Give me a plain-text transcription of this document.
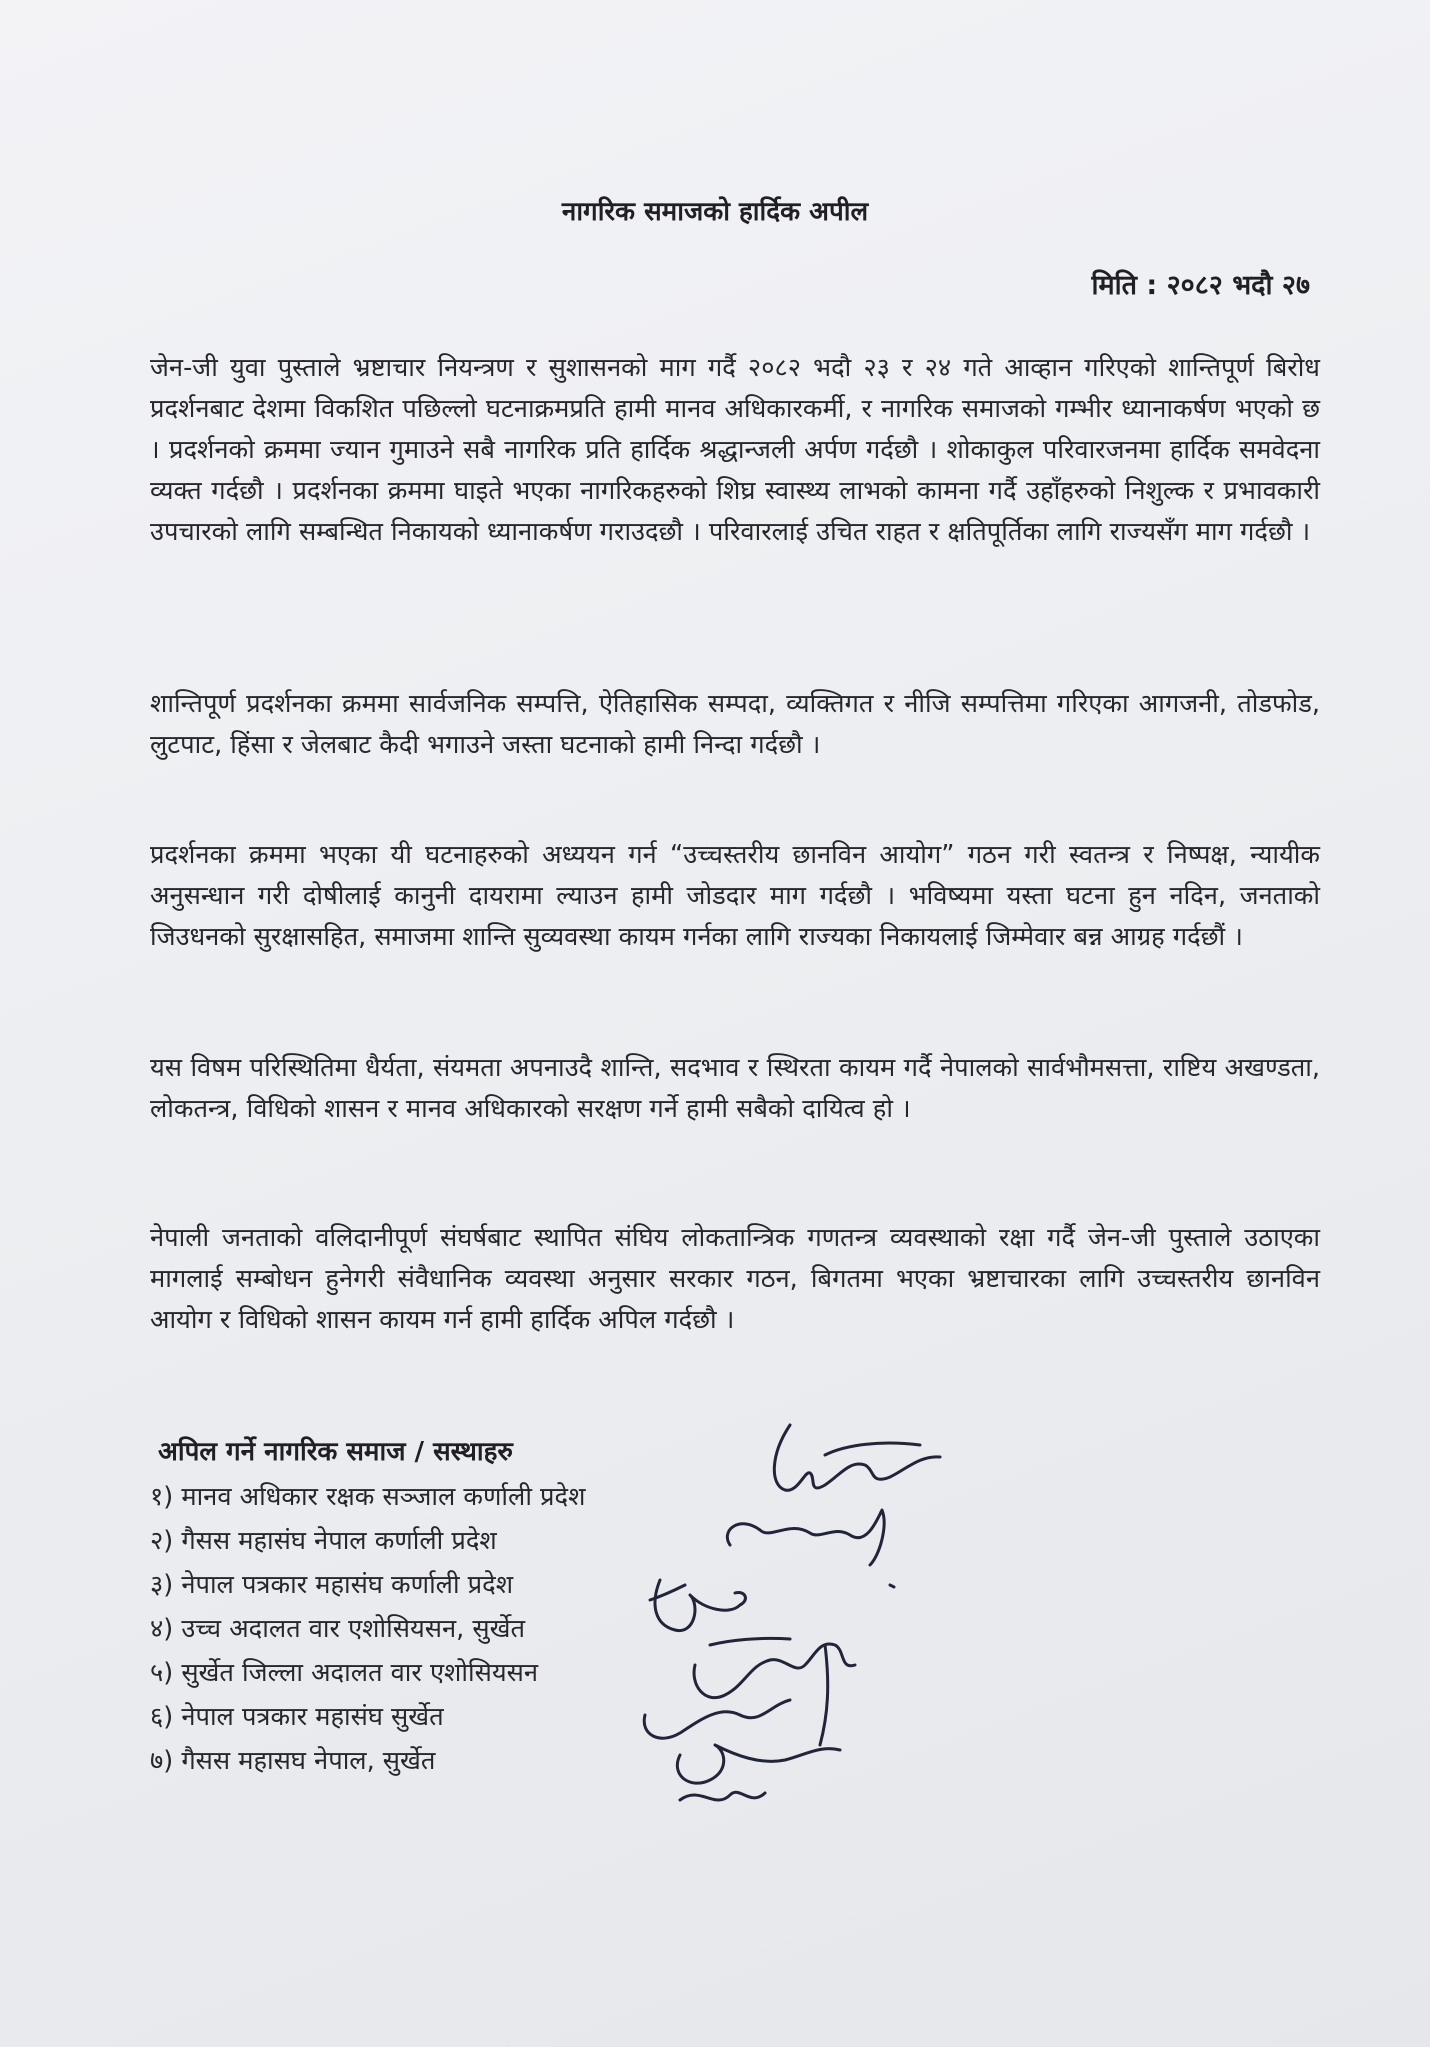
नागरिक समाजको हार्दिक अपील
मिति : २०८२ भदौ २७

जेन-जी युवा पुस्ताले भ्रष्टाचार नियन्त्रण र सुशासनको माग गर्दै २०८२ भदौ २३ र २४ गते आव्हान गरिएको शान्तिपूर्ण बिरोध प्रदर्शनबाट देशमा विकशित पछिल्लो घटनाक्रमप्रति हामी मानव अधिकारकर्मी, र नागरिक समाजको गम्भीर ध्यानाकर्षण भएको छ । प्रदर्शनको क्रममा ज्यान गुमाउने सबै नागरिक प्रति हार्दिक श्रद्धान्जली अर्पण गर्दछौ । शोकाकुल परिवारजनमा हार्दिक समवेदना व्यक्त गर्दछौ । प्रदर्शनका क्रममा घाइते भएका नागरिकहरुको शिघ्र स्वास्थ्य लाभको कामना गर्दै उहाँहरुको निशुल्क र प्रभावकारी उपचारको लागि सम्बन्धित निकायको ध्यानाकर्षण गराउदछौ । परिवारलाई उचित राहत र क्षतिपूर्तिका लागि राज्यसँग माग गर्दछौ ।

शान्तिपूर्ण प्रदर्शनका क्रममा सार्वजनिक सम्पत्ति, ऐतिहासिक सम्पदा, व्यक्तिगत र नीजि सम्पत्तिमा गरिएका आगजनी, तोडफोड, लुटपाट, हिंसा र जेलबाट कैदी भगाउने जस्ता घटनाको हामी निन्दा गर्दछौ ।

प्रदर्शनका क्रममा भएका यी घटनाहरुको अध्ययन गर्न “उच्चस्तरीय छानविन आयोग” गठन गरी स्वतन्त्र र निष्पक्ष, न्यायीक अनुसन्धान गरी दोषीलाई कानुनी दायरामा ल्याउन हामी जोडदार माग गर्दछौ । भविष्यमा यस्ता घटना हुन नदिन, जनताको जिउधनको सुरक्षासहित, समाजमा शान्ति सुव्यवस्था कायम गर्नका लागि राज्यका निकायलाई जिम्मेवार बन्न आग्रह गर्दछौं ।

यस विषम परिस्थितिमा धैर्यता, संयमता अपनाउदै शान्ति, सदभाव र स्थिरता कायम गर्दै नेपालको सार्वभौमसत्ता, राष्टिय अखण्डता, लोकतन्त्र, विधिको शासन र मानव अधिकारको सरक्षण गर्ने हामी सबैको दायित्व हो ।

नेपाली जनताको वलिदानीपूर्ण संघर्षबाट स्थापित संघिय लोकतान्त्रिक गणतन्त्र व्यवस्थाको रक्षा गर्दै जेन-जी पुस्ताले उठाएका मागलाई सम्बोधन हुनेगरी संवैधानिक व्यवस्था अनुसार सरकार गठन, बिगतमा भएका भ्रष्टाचारका लागि उच्चस्तरीय छानविन आयोग र विधिको शासन कायम गर्न हामी हार्दिक अपिल गर्दछौ ।

अपिल गर्ने नागरिक समाज / सस्थाहरु
१) मानव अधिकार रक्षक सञ्जाल कर्णाली प्रदेश
२) गैसस महासंघ नेपाल कर्णाली प्रदेश
३) नेपाल पत्रकार महासंघ कर्णाली प्रदेश
४) उच्च अदालत वार एशोसियसन, सुर्खेत
५) सुर्खेत जिल्ला अदालत वार एशोसियसन
६) नेपाल पत्रकार महासंघ सुर्खेत
७) गैसस महासघ नेपाल, सुर्खेत
